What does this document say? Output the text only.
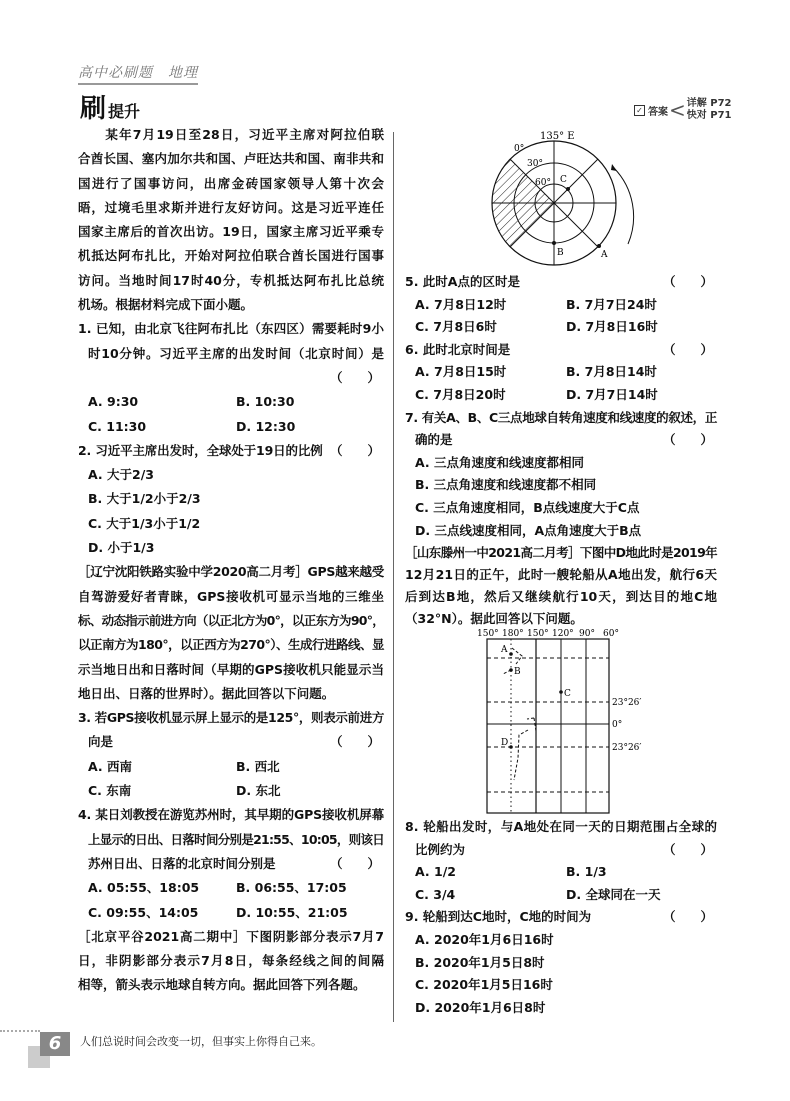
高中必刷题　地理
刷 提升	✓ 答案 < 详解 P72
快对 P71
　　某年7月19日至28日，习近平主席对阿拉伯联
合酋长国、塞内加尔共和国、卢旺达共和国、南非共和
国进行了国事访问，出席金砖国家领导人第十次会
晤，过境毛里求斯并进行友好访问。这是习近平连任
国家主席后的首次出访。19日，国家主席习近平乘专
机抵达阿布扎比，开始对阿拉伯联合酋长国进行国事
访问。当地时间17时40分，专机抵达阿布扎比总统
机场。根据材料完成下面小题。
1. 已知，由北京飞往阿布扎比（东四区）需要耗时9小
时10分钟。习近平主席的出发时间（北京时间）是
（　　）
A. 9:30	B. 10:30
C. 11:30	D. 12:30
2. 习近平主席出发时，全球处于19日的比例 （　　）
A. 大于2/3
B. 大于1/2小于2/3
C. 大于1/3小于1/2
D. 小于1/3
［辽宁沈阳铁路实验中学2020高二月考］GPS越来越受
自驾游爱好者青睐，GPS接收机可显示当地的三维坐
标、动态指示前进方向（以正北方为0°，以正东方为90°，
以正南方为180°，以正西方为270°）、生成行进路线、显
示当地日出和日落时间（早期的GPS接收机只能显示当
地日出、日落的世界时）。据此回答以下问题。
3. 若GPS接收机显示屏上显示的是125°，则表示前进方
向是	（　　）
A. 西南	B. 西北
C. 东南	D. 东北
4. 某日刘教授在游览苏州时，其早期的GPS接收机屏幕
上显示的日出、日落时间分别是21:55、10:05，则该日
苏州日出、日落的北京时间分别是	（　　）
A. 05:55、18:05	B. 06:55、17:05
C. 09:55、14:05	D. 10:55、21:05
［北京平谷2021高二期中］下图阴影部分表示7月7
日，非阴影部分表示7月8日，每条经线之间的间隔
相等，箭头表示地球自转方向。据此回答下列各题。
135° E
0°
30°
60°
A
B
C
5. 此时A点的区时是	（　　）
A. 7月8日12时	B. 7月7日24时
C. 7月8日6时	D. 7月8日16时
6. 此时北京时间是	（　　）
A. 7月8日15时	B. 7月8日14时
C. 7月8日20时	D. 7月7日14时
7. 有关A、B、C三点地球自转角速度和线速度的叙述，正
确的是	（　　）
A. 三点角速度和线速度都相同
B. 三点角速度和线速度都不相同
C. 三点角速度相同，B点线速度大于C点
D. 三点线速度相同，A点角速度大于B点
［山东滕州一中2021高二月考］下图中D地此时是2019年
12月21日的正午，此时一艘轮船从A地出发，航行6天
后到达B地，然后又继续航行10天，到达目的地C地
（32°N）。据此回答以下问题。
8. 轮船出发时，与A地处在同一天的日期范围占全球的
比例约为	（　　）
A. 1/2	B. 1/3
C. 3/4	D. 全球同在一天
9. 轮船到达C地时，C地的时间为	（　　）
A. 2020年1月6日16时
B. 2020年1月5日8时
C. 2020年1月5日16时
D. 2020年1月6日8时
150° 180° 150° 120° 90° 60°
23°26′
0°
23°26′
A
B
C
D
6	人们总说时间会改变一切，但事实上你得自己来。
